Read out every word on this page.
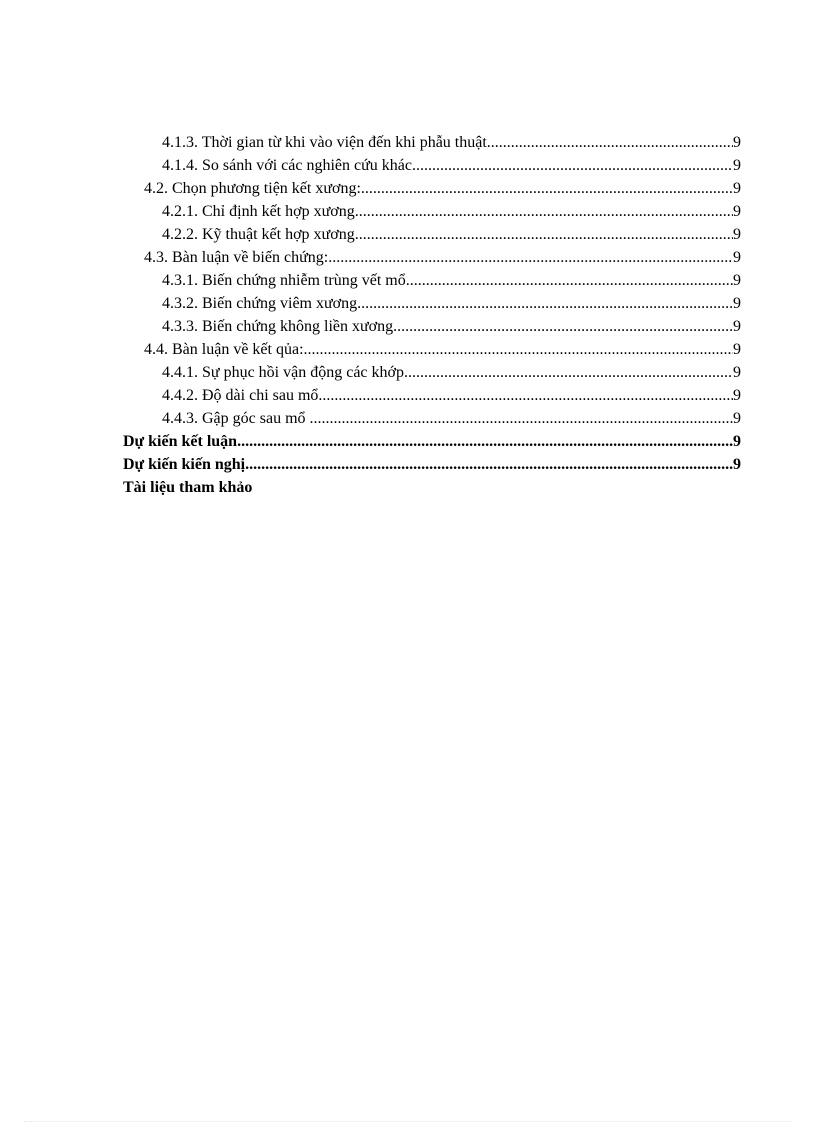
4.1.3. Thời gian từ khi vào viện đến khi phẫu thuật .....	9
4.1.4. So sánh với các nghiên cứu khác. .....	9
4.2. Chọn phương tiện kết xương: .....	9
4.2.1. Chỉ định kết hợp xương. .....	9
4.2.2. Kỹ thuật kết hợp xương. .....	9
4.3. Bàn luận về biến chứng: .....	9
4.3.1. Biến chứng nhiễm trùng vết mổ .....	9
4.3.2. Biến chứng viêm xương. .....	9
4.3.3. Biến chứng không liền xương. .....	9
4.4. Bàn luận về kết qủa: .....	9
4.4.1. Sự phục hồi vận động các khớp. .....	9
4.4.2. Độ dài chi sau mổ .....	9
4.4.3. Gập góc sau mổ . .....	9
Dự kiến kết luận .....	9
Dự kiến kiến nghị .....	9
Tài liệu tham khảo
